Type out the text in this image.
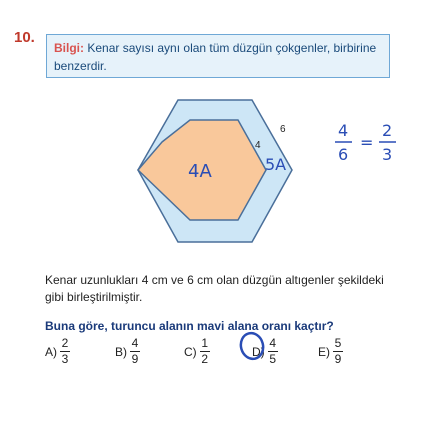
10.
Bilgi: Kenar sayısı aynı olan tüm düzgün çokgenler, birbirine benzerdir.
6
4
4A	5A
4
6
=
2
3
Kenar uzunlukları 4 cm ve 6 cm olan düzgün altıgenler şekildeki gibi birleştirilmiştir.
Buna göre, turuncu alanın mavi alana oranı kaçtır?
$A) \frac{2}{3}$	$B) \frac{4}{9}$	$C) \frac{1}{2}$	$D) \frac{4}{5}$	$E) \frac{5}{9}$
